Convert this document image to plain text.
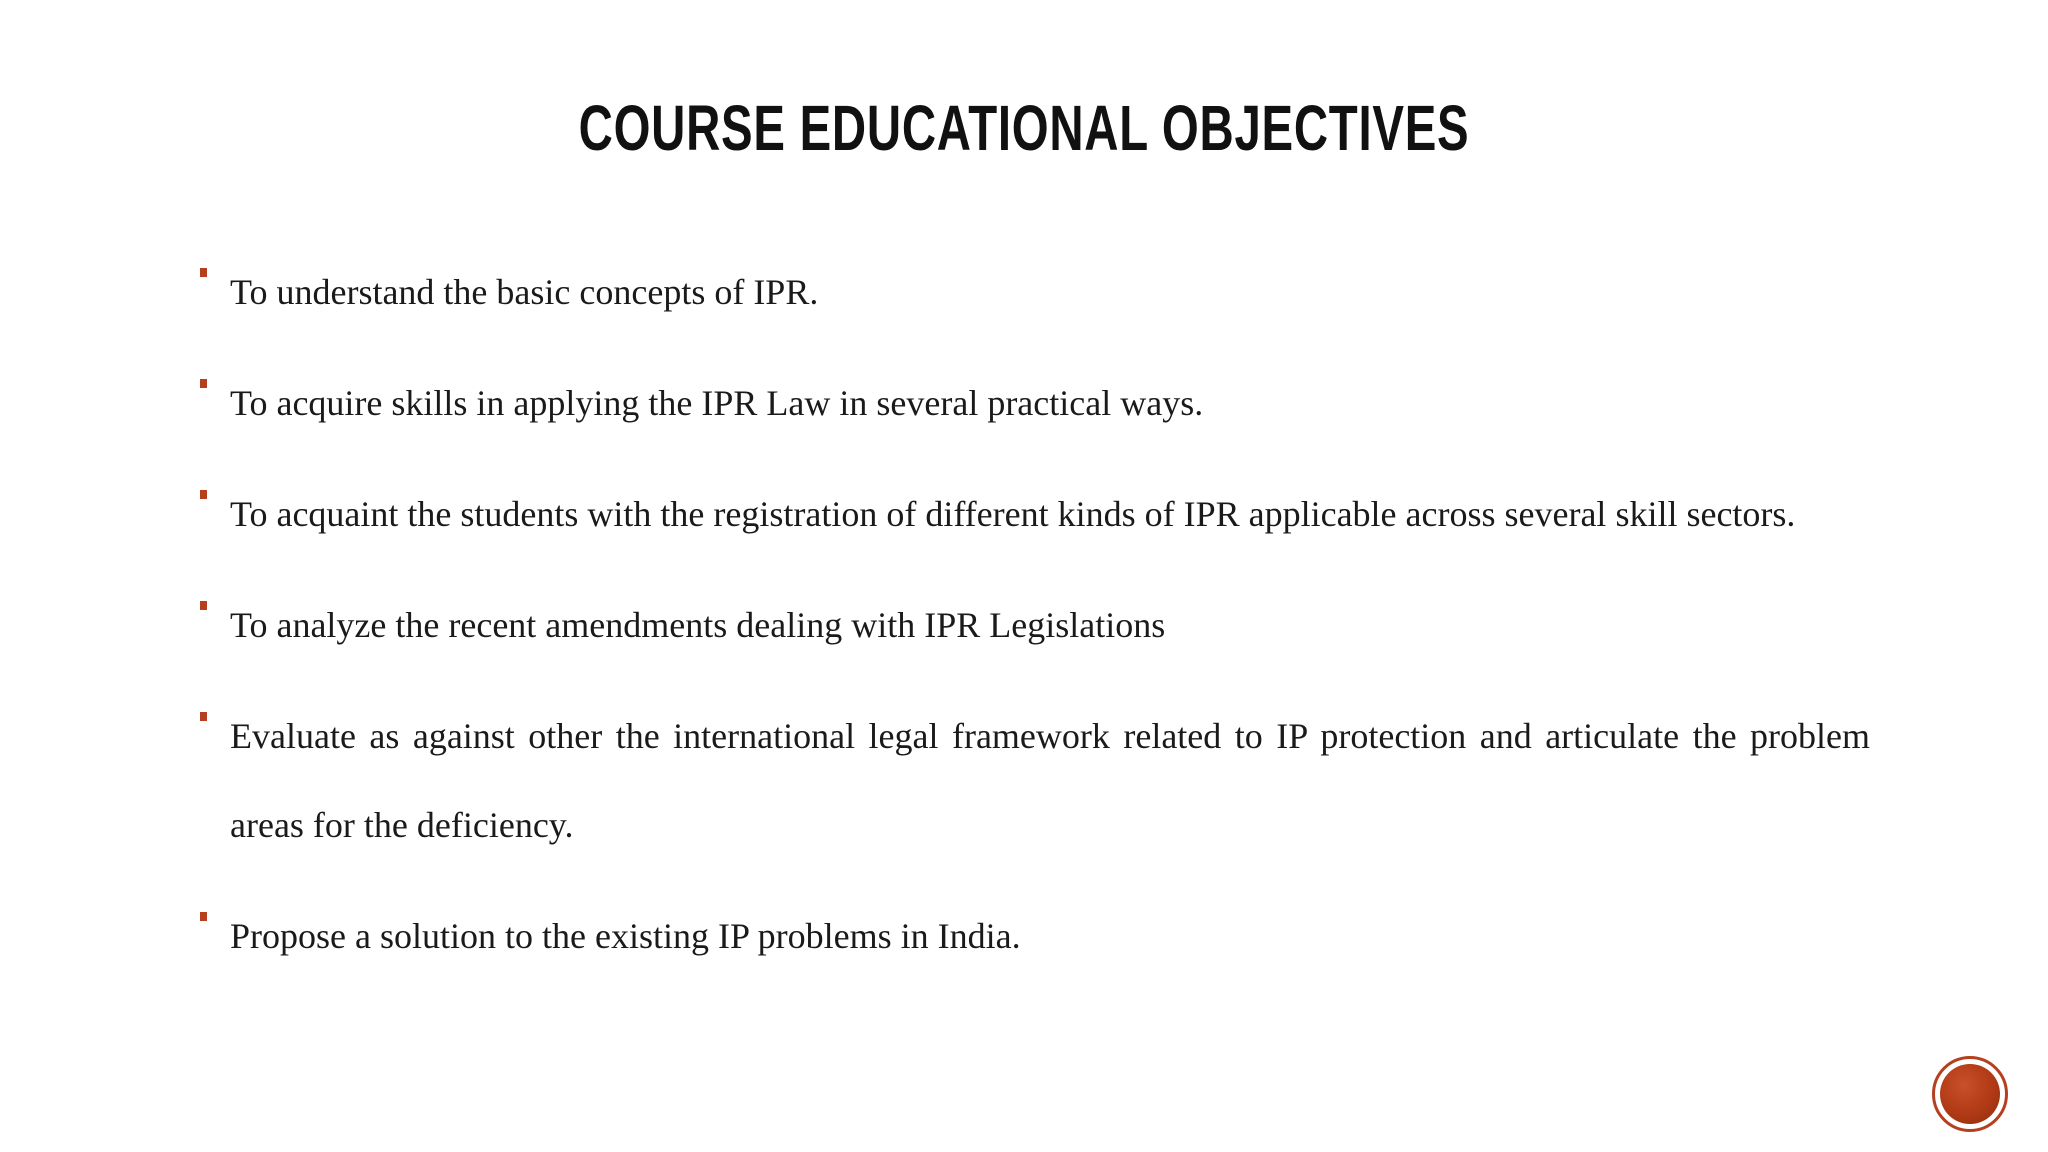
COURSE EDUCATIONAL OBJECTIVES
To understand the basic concepts of IPR.
To acquire skills in applying the IPR Law in several practical ways.
To acquaint the students with the registration of different kinds of IPR applicable across several skill sectors.
To analyze the recent amendments dealing with IPR Legislations
Evaluate as against other the international legal framework related to IP protection and articulate the problem areas for the deficiency.
Propose a solution to the existing IP problems in India.
